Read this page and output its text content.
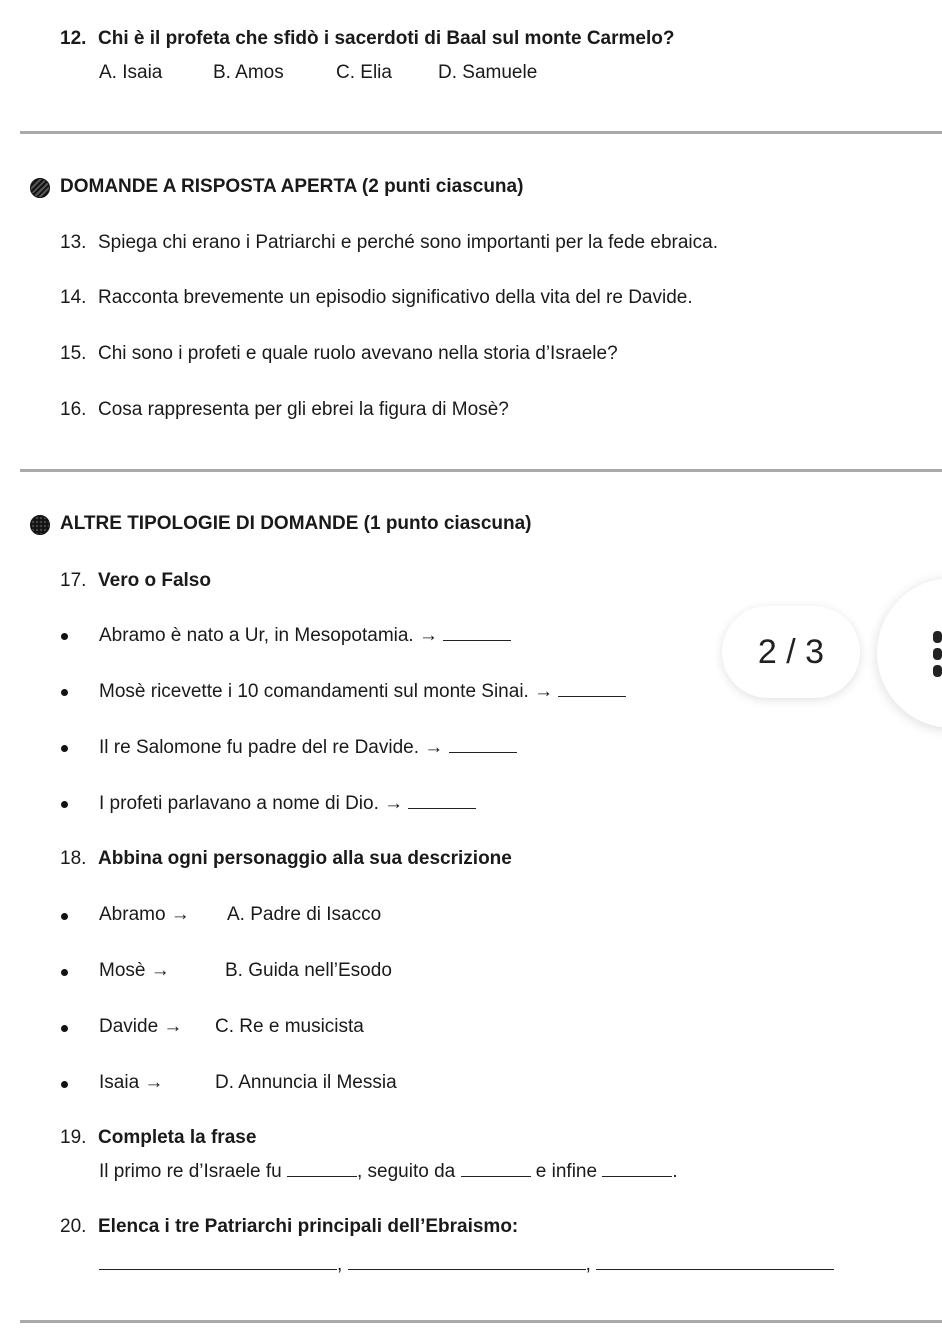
12. Chi è il profeta che sfidò i sacerdoti di Baal sul monte Carmelo?
A. Isaia	B. Amos	C. Elia D. Samuele
DOMANDE A RISPOSTA APERTA (2 punti ciascuna)
13. Spiega chi erano i Patriarchi e perché sono importanti per la fede ebraica.
14. Racconta brevemente un episodio significativo della vita del re Davide.
15. Chi sono i profeti e quale ruolo avevano nella storia d’Israele?
16. Cosa rappresenta per gli ebrei la figura di Mosè?
ALTRE TIPOLOGIE DI DOMANDE (1 punto ciascuna)
17. Vero o Falso
Abramo è nato a Ur, in Mesopotamia. →
Mosè ricevette i 10 comandamenti sul monte Sinai. →
Il re Salomone fu padre del re Davide. →
I profeti parlavano a nome di Dio. →
18. Abbina ogni personaggio alla sua descrizione
Abramo → A. Padre di Isacco
Mosè →	B. Guida nell’Esodo
Davide → C. Re e musicista
Isaia →	D. Annuncia il Messia
19. Completa la frase
Il primo re d’Israele fu	, seguito da	e infine	.
20. Elenca i tre Patriarchi principali dell’Ebraismo:
,	,
2 / 3
